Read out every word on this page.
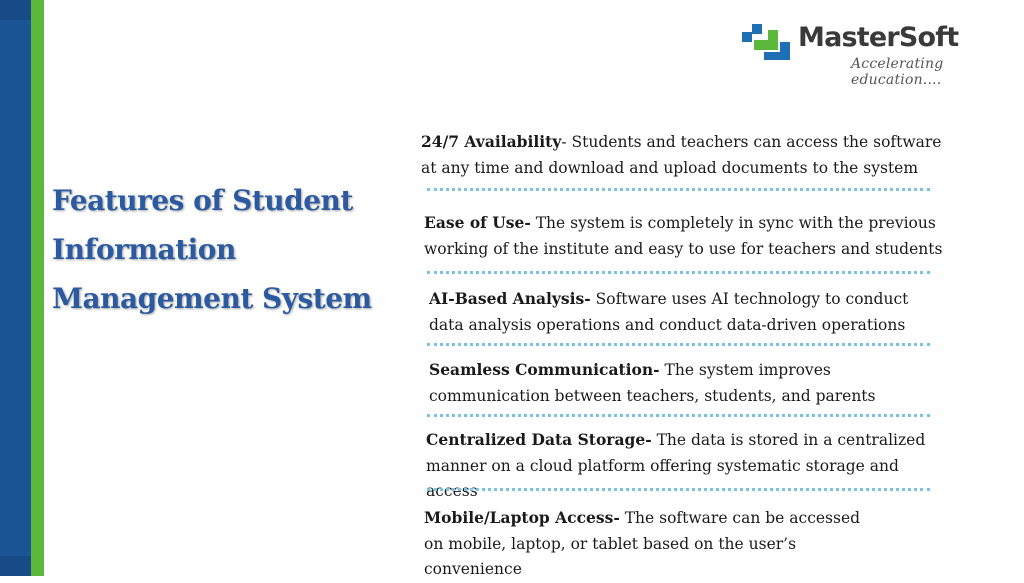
MasterSoft
Accelerating education....
Features of Student
Information
Management System

24/7 Availability- Students and teachers can access the software at any time and download and upload documents to the system

Ease of Use- The system is completely in sync with the previous working of the institute and easy to use for teachers and students

AI-Based Analysis- Software uses AI technology to conduct data analysis operations and conduct data-driven operations

Seamless Communication- The system improves communication between teachers, students, and parents

Centralized Data Storage- The data is stored in a centralized manner on a cloud platform offering systematic storage and access

Mobile/Laptop Access- The software can be accessed on mobile, laptop, or tablet based on the user’s convenience
